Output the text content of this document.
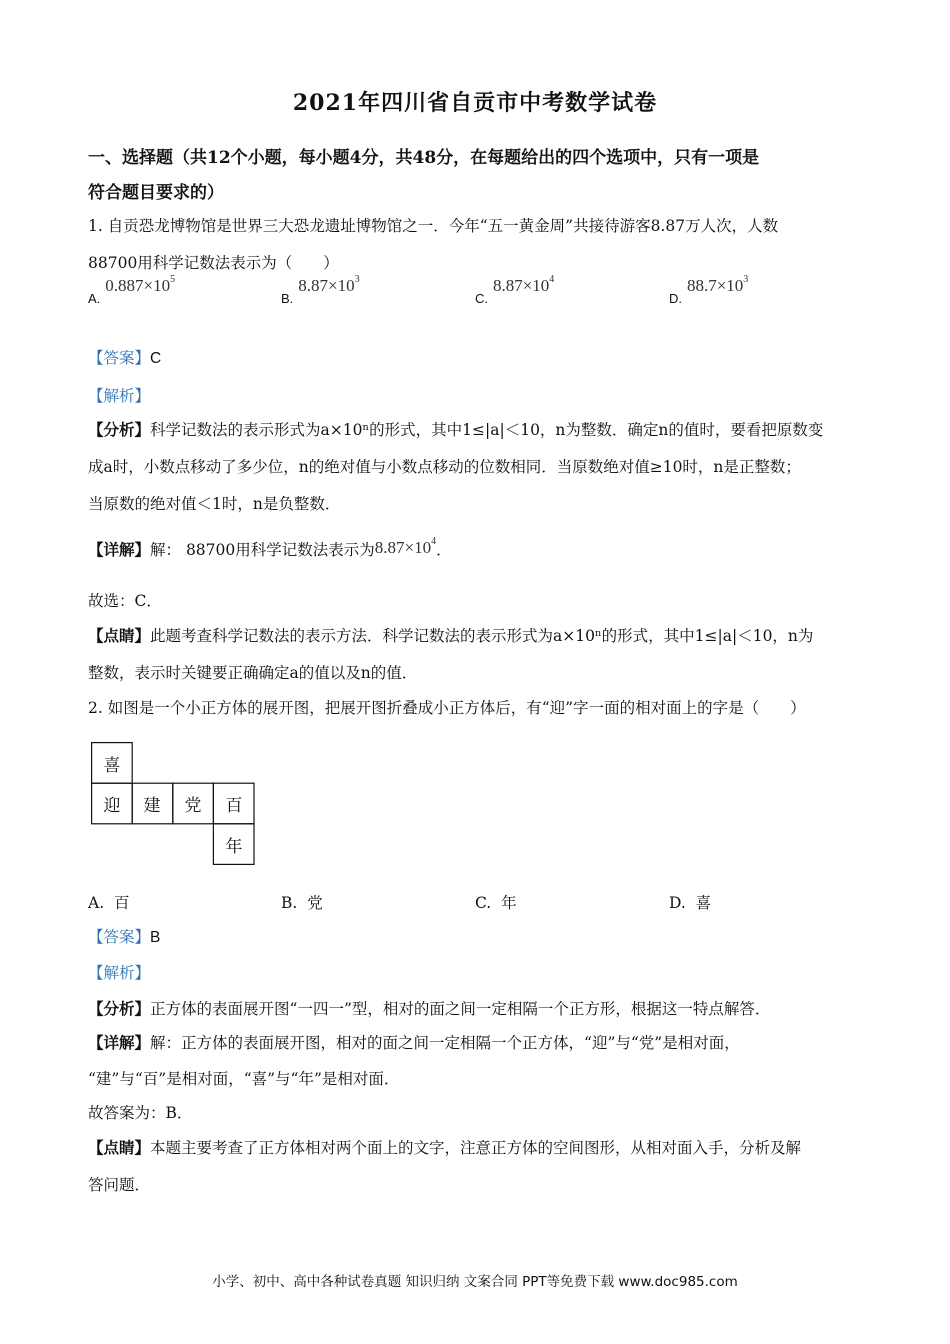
2021年四川省自贡市中考数学试卷
一、选择题（共12个小题，每小题4分，共48分，在每题给出的四个选项中，只有一项是
符合题目要求的）
1. 自贡恐龙博物馆是世界三大恐龙遗址博物馆之一．今年“五一黄金周”共接待游客8.87万人次，人数
88700用科学记数法表示为（　　）
A. $0.887\times 10^5$
B. $8.87\times 10^3$
C. $8.87\times 10^4$
D. $88.7\times 10^3$
【答案】C
【解析】
【分析】科学记数法的表示形式为a×10ⁿ的形式，其中1≤|a|＜10，n为整数．确定n的值时，要看把原数变
成a时，小数点移动了多少位，n的绝对值与小数点移动的位数相同．当原数绝对值≥10时，n是正整数；
当原数的绝对值＜1时，n是负整数．
【详解】解： 88700用科学记数法表示为$8.87\times 10^4$．
故选：C．
【点睛】此题考查科学记数法的表示方法．科学记数法的表示形式为a×10ⁿ的形式，其中1≤|a|＜10，n为
整数，表示时关键要正确确定a的值以及n的值．
2. 如图是一个小正方体的展开图，把展开图折叠成小正方体后，有“迎”字一面的相对面上的字是（　　）
喜
迎	建	党	百
年
A. 百	B. 党	C. 年	D. 喜
【答案】B
【解析】
【分析】正方体的表面展开图“一四一”型，相对的面之间一定相隔一个正方形，根据这一特点解答．
【详解】解：正方体的表面展开图，相对的面之间一定相隔一个正方体，“迎”与“党”是相对面，
“建”与“百”是相对面，“喜”与“年”是相对面．
故答案为：B．
【点睛】本题主要考查了正方体相对两个面上的文字，注意正方体的空间图形，从相对面入手，分析及解
答问题．
小学、初中、高中各种试卷真题 知识归纳 文案合同 PPT等免费下载 www.doc985.com
